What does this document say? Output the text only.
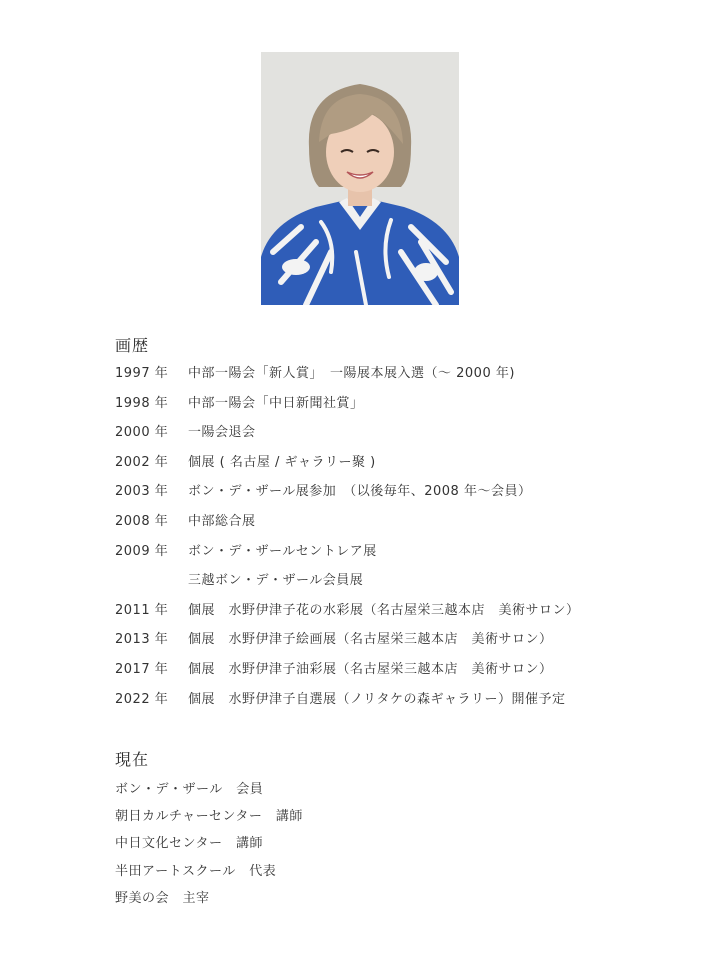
画歴
1997 年	中部一陽会「新人賞」　一陽展本展入選（～ 2000 年)
1998 年	中部一陽会「中日新聞社賞」
2000 年	一陽会退会
2002 年	個展 ( 名古屋 / ギャラリー聚 )
2003 年	ボン・デ・ザール展参加　（以後毎年、2008 年～会員）
2008 年	中部総合展
2009 年	ボン・デ・ザールセントレア展
三越ボン・デ・ザール会員展
2011 年	個展　水野伊津子花の水彩展（名古屋栄三越本店　美術サロン）
2013 年	個展　水野伊津子絵画展（名古屋栄三越本店　美術サロン）
2017 年	個展　水野伊津子油彩展（名古屋栄三越本店　美術サロン）
2022 年	個展　水野伊津子自選展（ノリタケの森ギャラリー）開催予定
現在
ボン・デ・ザール　会員
朝日カルチャーセンター　講師
中日文化センター　講師
半田アートスクール　代表
野美の会　主宰
